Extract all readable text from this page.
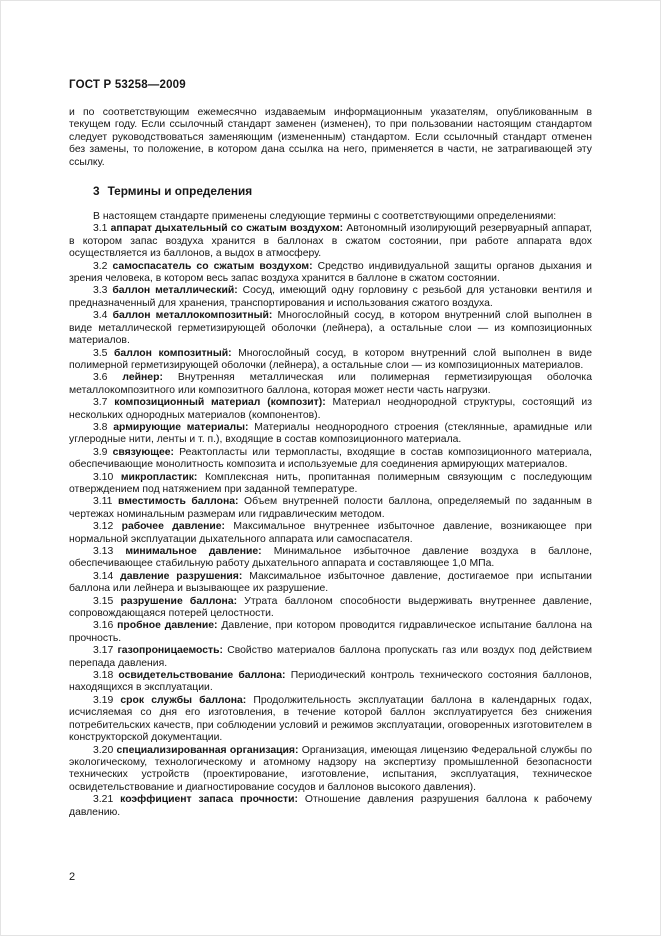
ГОСТ Р 53258—2009

и по соответствующим ежемесячно издаваемым информационным указателям, опубликованным в текущем году. Если ссылочный стандарт заменен (изменен), то при пользовании настоящим стандартом следует руководствоваться заменяющим (измененным) стандартом. Если ссылочный стандарт отменен без замены, то положение, в котором дана ссылка на него, применяется в части, не затрагивающей эту ссылку.

3 Термины и определения

В настоящем стандарте применены следующие термины с соответствующими определениями:

3.1 аппарат дыхательный со сжатым воздухом: Автономный изолирующий резервуарный аппарат, в котором запас воздуха хранится в баллонах в сжатом состоянии, при работе аппарата вдох осуществляется из баллонов, а выдох в атмосферу.

3.2 самоспасатель со сжатым воздухом: Средство индивидуальной защиты органов дыхания и зрения человека, в котором весь запас воздуха хранится в баллоне в сжатом состоянии.

3.3 баллон металлический: Сосуд, имеющий одну горловину с резьбой для установки вентиля и предназначенный для хранения, транспортирования и использования сжатого воздуха.

3.4 баллон металлокомпозитный: Многослойный сосуд, в котором внутренний слой выполнен в виде металлической герметизирующей оболочки (лейнера), а остальные слои — из композиционных материалов.

3.5 баллон композитный: Многослойный сосуд, в котором внутренний слой выполнен в виде полимерной герметизирующей оболочки (лейнера), а остальные слои — из композиционных материалов.

3.6 лейнер: Внутренняя металлическая или полимерная герметизирующая оболочка металлокомпозитного или композитного баллона, которая может нести часть нагрузки.

3.7 композиционный материал (композит): Материал неоднородной структуры, состоящий из нескольких однородных материалов (компонентов).

3.8 армирующие материалы: Материалы неоднородного строения (стеклянные, арамидные или углеродные нити, ленты и т. п.), входящие в состав композиционного материала.

3.9 связующее: Реактопласты или термопласты, входящие в состав композиционного материала, обеспечивающие монолитность композита и используемые для соединения армирующих материалов.

3.10 микропластик: Комплексная нить, пропитанная полимерным связующим с последующим отверждением под натяжением при заданной температуре.

3.11 вместимость баллона: Объем внутренней полости баллона, определяемый по заданным в чертежах номинальным размерам или гидравлическим методом.

3.12 рабочее давление: Максимальное внутреннее избыточное давление, возникающее при нормальной эксплуатации дыхательного аппарата или самоспасателя.

3.13 минимальное давление: Минимальное избыточное давление воздуха в баллоне, обеспечивающее стабильную работу дыхательного аппарата и составляющее 1,0 МПа.

3.14 давление разрушения: Максимальное избыточное давление, достигаемое при испытании баллона или лейнера и вызывающее их разрушение.

3.15 разрушение баллона: Утрата баллоном способности выдерживать внутреннее давление, сопровождающаяся потерей целостности.

3.16 пробное давление: Давление, при котором проводится гидравлическое испытание баллона на прочность.

3.17 газопроницаемость: Свойство материалов баллона пропускать газ или воздух под действием перепада давления.

3.18 освидетельствование баллона: Периодический контроль технического состояния баллонов, находящихся в эксплуатации.

3.19 срок службы баллона: Продолжительность эксплуатации баллона в календарных годах, исчисляемая со дня его изготовления, в течение которой баллон эксплуатируется без снижения потребительских качеств, при соблюдении условий и режимов эксплуатации, оговоренных изготовителем в конструкторской документации.

3.20 специализированная организация: Организация, имеющая лицензию Федеральной службы по экологическому, технологическому и атомному надзору на экспертизу промышленной безопасности технических устройств (проектирование, изготовление, испытания, эксплуатация, техническое освидетельствование и диагностирование сосудов и баллонов высокого давления).

3.21 коэффициент запаса прочности: Отношение давления разрушения баллона к рабочему давлению.

2
